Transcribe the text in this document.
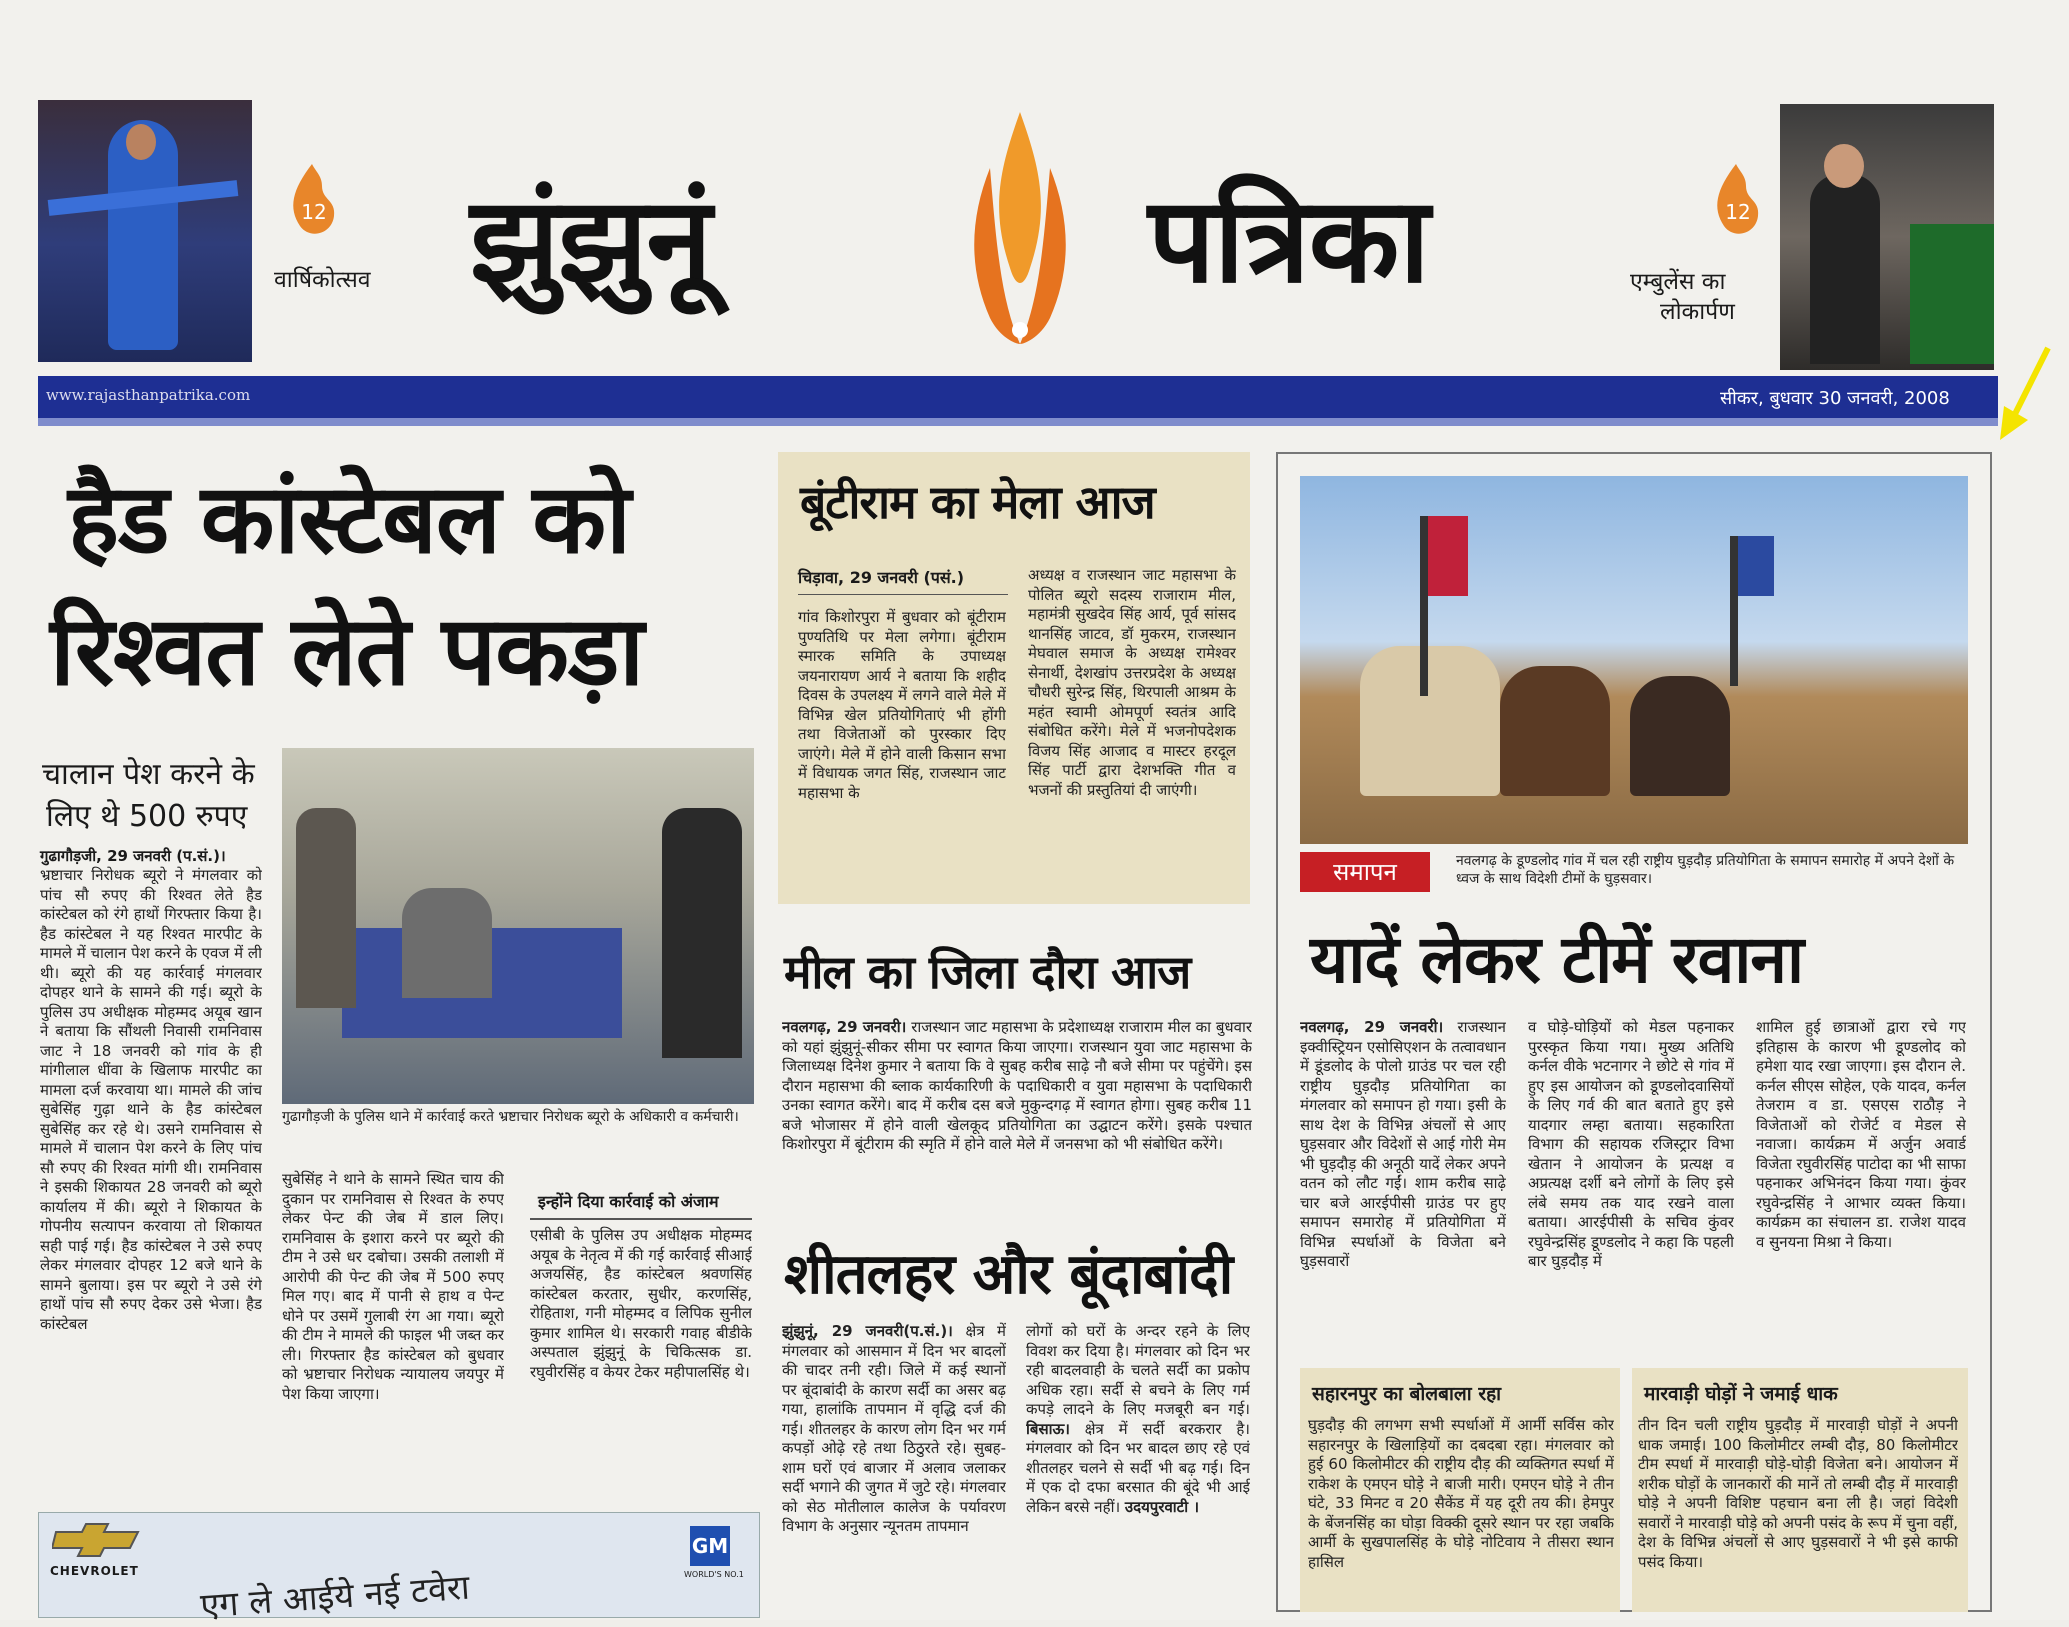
12
वार्षिकोत्सव झुंझुनूं	पत्रिका	12
एम्बुलेंस का
लोकार्पण
www.rajasthanpatrika.com	सीकर, बुधवार 30 जनवरी, 2008
हैड कांस्टेबल को
रिश्वत लेते पकड़ा
चालान पेश करने के
लिए थे 500 रुपए
गुढागौड़जी के पुलिस थाने में कार्रवाई करते भ्रष्टाचार निरोधक ब्यूरो के अधिकारी व कर्मचारी।
गुढागौड़जी, 29 जनवरी (प.सं.)।
भ्रष्टाचार निरोधक ब्यूरो ने मंगलवार को पांच सौ रुपए की रिश्वत लेते हैड कांस्टेबल को रंगे हाथों गिरफ्तार किया है। हैड कांस्टेबल ने यह रिश्वत मारपीट के मामले में चालान पेश करने के एवज में ली थी। ब्यूरो की यह कार्रवाई मंगलवार दोपहर थाने के सामने की गई। ब्यूरो के पुलिस उप अधीक्षक मोहम्मद अयूब खान ने बताया कि सौंथली निवासी रामनिवास जाट ने 18 जनवरी को गांव के ही मांगीलाल धींवा के खिलाफ मारपीट का मामला दर्ज करवाया था। मामले की जांच सुबेसिंह गुढ़ा थाने के हैड कांस्टेबल सुबेसिंह कर रहे थे। उसने रामनिवास से मामले में चालान पेश करने के लिए पांच सौ रुपए की रिश्वत मांगी थी। रामनिवास ने इसकी शिकायत 28 जनवरी को ब्यूरो कार्यालय में की। ब्यूरो ने शिकायत के गोपनीय सत्यापन करवाया तो शिकायत सही पाई गई। हैड कांस्टेबल ने उसे रुपए लेकर मंगलवार दोपहर 12 बजे थाने के सामने बुलाया। इस पर ब्यूरो ने उसे रंगे हाथों पांच सौ रुपए देकर उसे भेजा। हैड कांस्टेबल
सुबेसिंह ने थाने के सामने स्थित चाय की दुकान पर रामनिवास से रिश्वत के रुपए लेकर पेन्ट की जेब में डाल लिए। रामनिवास के इशारा करने पर ब्यूरो की टीम ने उसे धर दबोचा। उसकी तलाशी में आरोपी की पेन्ट की जेब में 500 रुपए मिल गए। बाद में पानी से हाथ व पेन्ट धोने पर उसमें गुलाबी रंग आ गया। ब्यूरो की टीम ने मामले की फाइल भी जब्त कर ली। गिरफ्तार हैड कांस्टेबल को बुधवार को भ्रष्टाचार निरोधक न्यायालय जयपुर में पेश किया जाएगा।
इन्होंने दिया कार्रवाई को अंजाम
एसीबी के पुलिस उप अधीक्षक मोहम्मद अयूब के नेतृत्व में की गई कार्रवाई सीआई अजयसिंह, हैड कांस्टेबल श्रवणसिंह कांस्टेबल करतार, सुधीर, करणसिंह, रोहिताश, गनी मोहम्मद व लिपिक सुनील कुमार शामिल थे। सरकारी गवाह बीडीके अस्पताल झुंझुनूं के चिकित्सक डा. रघुवीरसिंह व केयर टेकर महीपालसिंह थे।
बूंटीराम का मेला आज
चिड़ावा, 29 जनवरी (पसं.)
गांव किशोरपुरा में बुधवार को बूंटीराम पुण्यतिथि पर मेला लगेगा। बूंटीराम स्मारक समिति के उपाध्यक्ष जयनारायण आर्य ने बताया कि शहीद दिवस के उपलक्ष्य में लगने वाले मेले में विभिन्न खेल प्रतियोगिताएं भी होंगी तथा विजेताओं को पुरस्कार दिए जाएंगे। मेले में होने वाली किसान सभा में विधायक जगत सिंह, राजस्थान जाट महासभा के
अध्यक्ष व राजस्थान जाट महासभा के पोलित ब्यूरो सदस्य राजाराम मील, महामंत्री सुखदेव सिंह आर्य, पूर्व सांसद थानसिंह जाटव, डॉ मुकरम, राजस्थान मेघवाल समाज के अध्यक्ष रामेश्वर सेनार्थी, देशखांप उत्तरप्रदेश के अध्यक्ष चौधरी सुरेन्द्र सिंह, थिरपाली आश्रम के महंत स्वामी ओमपूर्ण स्वतंत्र आदि संबोधित करेंगे। मेले में भजनोपदेशक विजय सिंह आजाद व मास्टर हरदूल सिंह पार्टी द्वारा देशभक्ति गीत व भजनों की प्रस्तुतियां दी जाएंगी।
मील का जिला दौरा आज
नवलगढ़, 29 जनवरी। राजस्थान जाट महासभा के प्रदेशाध्यक्ष राजाराम मील का बुधवार को यहां झुंझुनूं-सीकर सीमा पर स्वागत किया जाएगा। राजस्थान युवा जाट महासभा के जिलाध्यक्ष दिनेश कुमार ने बताया कि वे सुबह करीब साढ़े नौ बजे सीमा पर पहुंचेंगे। इस दौरान महासभा की ब्लाक कार्यकारिणी के पदाधिकारी व युवा महासभा के पदाधिकारी उनका स्वागत करेंगे। बाद में करीब दस बजे मुकुन्दगढ़ में स्वागत होगा। सुबह करीब 11 बजे भोजासर में होने वाली खेलकूद प्रतियोगिता का उद्घाटन करेंगे। इसके पश्चात किशोरपुरा में बूंटीराम की स्मृति में होने वाले मेले में जनसभा को भी संबोधित करेंगे।
शीतलहर और बूंदाबांदी
झुंझुनूं, 29 जनवरी(प.सं.)। क्षेत्र में मंगलवार को आसमान में दिन भर बादलों की चादर तनी रही। जिले में कई स्थानों पर बूंदाबांदी के कारण सर्दी का असर बढ़ गया, हालांकि तापमान में वृद्धि दर्ज की गई। शीतलहर के कारण लोग दिन भर गर्म कपड़ों ओढ़े रहे तथा ठिठुरते रहे। सुबह-शाम घरों एवं बाजार में अलाव जलाकर सर्दी भगाने की जुगत में जुटे रहे। मंगलवार को सेठ मोतीलाल कालेज के पर्यावरण विभाग के अनुसार न्यूनतम तापमान
लोगों को घरों के अन्दर रहने के लिए विवश कर दिया है। मंगलवार को दिन भर रही बादलवाही के चलते सर्दी का प्रकोप अधिक रहा। सर्दी से बचने के लिए गर्म कपड़े लादने के लिए मजबूरी बन गई। बिसाऊ। क्षेत्र में सर्दी बरकरार है। मंगलवार को दिन भर बादल छाए रहे एवं शीतलहर चलने से सर्दी भी बढ़ गई। दिन में एक दो दफा बरसात की बूंदे भी आई लेकिन बरसे नहीं। उदयपुरवाटी ।
समापन	नवलगढ़ के डूण्डलोद गांव में चल रही राष्ट्रीय घुड़दौड़ प्रतियोगिता के समापन समारोह में अपने देशों के ध्वज के साथ विदेशी टीमों के घुड़सवार।
यादें लेकर टीमें रवाना
नवलगढ़, 29 जनवरी। राजस्थान इक्वीस्ट्रियन एसोसिएशन के तत्वावधान में डूंडलोद के पोलो ग्राउंड पर चल रही राष्ट्रीय घुड़दौड़ प्रतियोगिता का मंगलवार को समापन हो गया। इसी के साथ देश के विभिन्न अंचलों से आए घुड़सवार और विदेशों से आई गोरी मेम भी घुड़दौड़ की अनूठी यादें लेकर अपने वतन को लौट गईं। शाम करीब साढ़े चार बजे आरईपीसी ग्राउंड पर हुए समापन समारोह में प्रतियोगिता में विभिन्न स्पर्धाओं के विजेता बने घुड़सवारों
व घोड़े-घोड़ियों को मेडल पहनाकर पुरस्कृत किया गया। मुख्य अतिथि कर्नल वीके भटनागर ने छोटे से गांव में हुए इस आयोजन को डूण्डलोदवासियों के लिए गर्व की बात बताते हुए इसे यादगार लम्हा बताया। सहकारिता विभाग की सहायक रजिस्ट्रार विभा खेतान ने आयोजन के प्रत्यक्ष व अप्रत्यक्ष दर्शी बने लोगों के लिए इसे लंबे समय तक याद रखने वाला बताया। आरईपीसी के सचिव कुंवर रघुवेन्द्रसिंह डूण्डलोद ने कहा कि पहली बार घुड़दौड़ में
शामिल हुई छात्राओं द्वारा रचे गए इतिहास के कारण भी डूण्डलोद को हमेशा याद रखा जाएगा। इस दौरान ले. कर्नल सीएस सोहेल, एके यादव, कर्नल तेजराम व डा. एसएस राठौड़ ने विजेताओं को रोजेर्ट व मेडल से नवाजा। कार्यक्रम में अर्जुन अवार्ड विजेता रघुवीरसिंह पाटोदा का भी साफा पहनाकर अभिनंदन किया गया। कुंवर रघुवेन्द्रसिंह ने आभार व्यक्त किया। कार्यक्रम का संचालन डा. राजेश यादव व सुनयना मिश्रा ने किया।
सहारनपुर का बोलबाला रहा
घुड़दौड़ की लगभग सभी स्पर्धाओं में आर्मी सर्विस कोर सहारनपुर के खिलाड़ियों का दबदबा रहा। मंगलवार को हुई 60 किलोमीटर की राष्ट्रीय दौड़ की व्यक्तिगत स्पर्धा में राकेश के एमएन घोड़े ने बाजी मारी। एमएन घोड़े ने तीन घंटे, 33 मिनट व 20 सैकेंड में यह दूरी तय की। हेमपुर के बेंजनसिंह का घोड़ा विक्की दूसरे स्थान पर रहा जबकि आर्मी के सुखपालसिंह के घोड़े नोटिवाय ने तीसरा स्थान हासिल
मारवाड़ी घोड़ों ने जमाई धाक
तीन दिन चली राष्ट्रीय घुड़दौड़ में मारवाड़ी घोड़ों ने अपनी धाक जमाई। 100 किलोमीटर लम्बी दौड़, 80 किलोमीटर टीम स्पर्धा में मारवाड़ी घोड़े-घोड़ी विजेता बने। आयोजन में शरीक घोड़ों के जानकारों की मानें तो लम्बी दौड़ में मारवाड़ी घोड़े ने अपनी विशिष्ट पहचान बना ली है। जहां विदेशी सवारों ने मारवाड़ी घोड़े को अपनी पसंद के रूप में चुना वहीं, देश के विभिन्न अंचलों से आए घुड़सवारों ने भी इसे काफी पसंद किया।
CHEVROLET एग ले आईये नई टवेरा
GM
WORLD'S NO.1
